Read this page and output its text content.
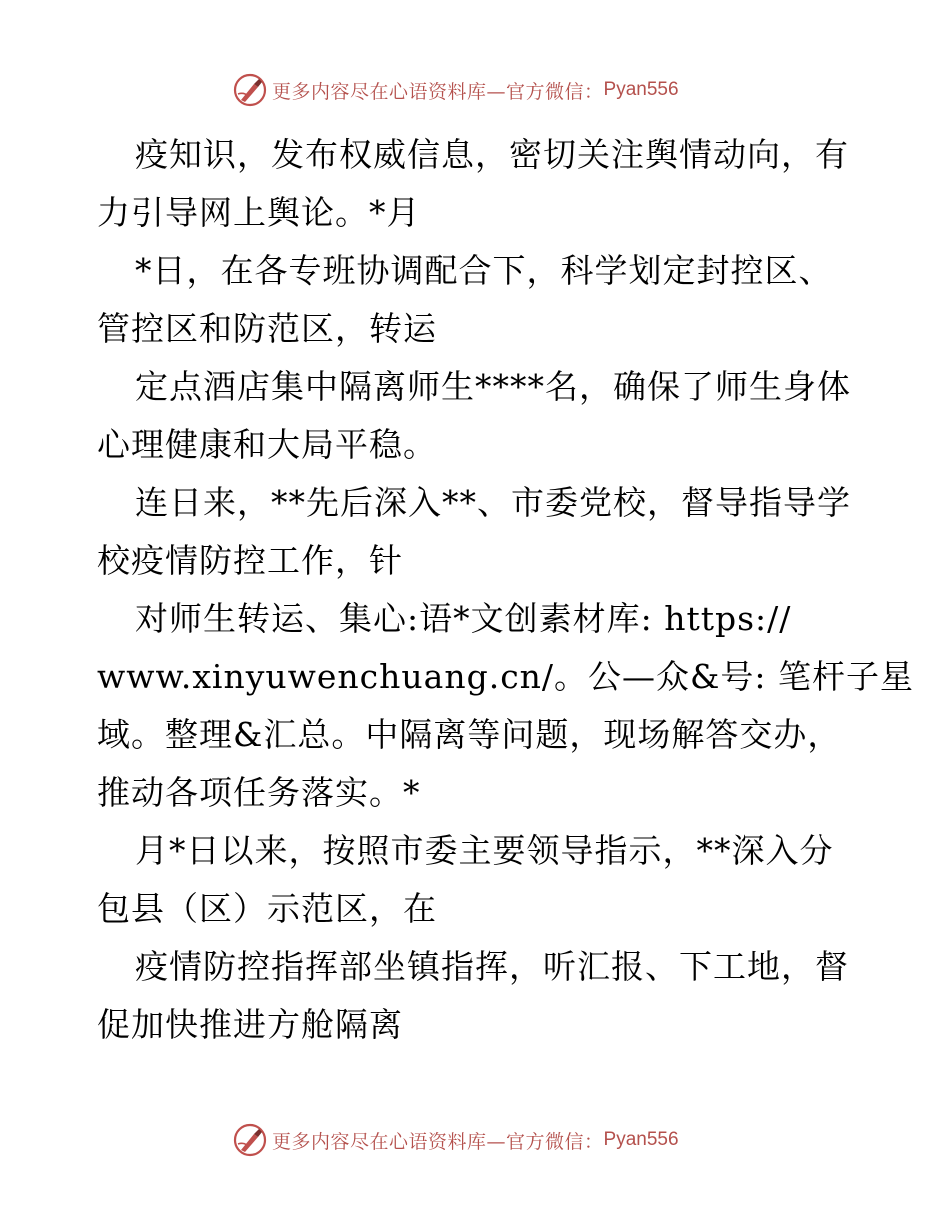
更多内容尽在心语资料库—官方微信： Pyan556
疫知识，发布权威信息，密切关注舆情动向，有
力引导网上舆论。*月
*日，在各专班协调配合下，科学划定封控区、
管控区和防范区，转运
定点酒店集中隔离师生****名，确保了师生身体
心理健康和大局平稳。
连日来，**先后深入**、市委党校，督导指导学
校疫情防控工作，针
对师生转运、集心:语*文创素材库: https://
www.xinyuwenchuang.cn/。公—众&号: 笔杆子星
域。整理&汇总。中隔离等问题，现场解答交办，
推动各项任务落实。*
月*日以来，按照市委主要领导指示，**深入分
包县（区）示范区，在
疫情防控指挥部坐镇指挥，听汇报、下工地，督
促加快推进方舱隔离
更多内容尽在心语资料库—官方微信： Pyan556
